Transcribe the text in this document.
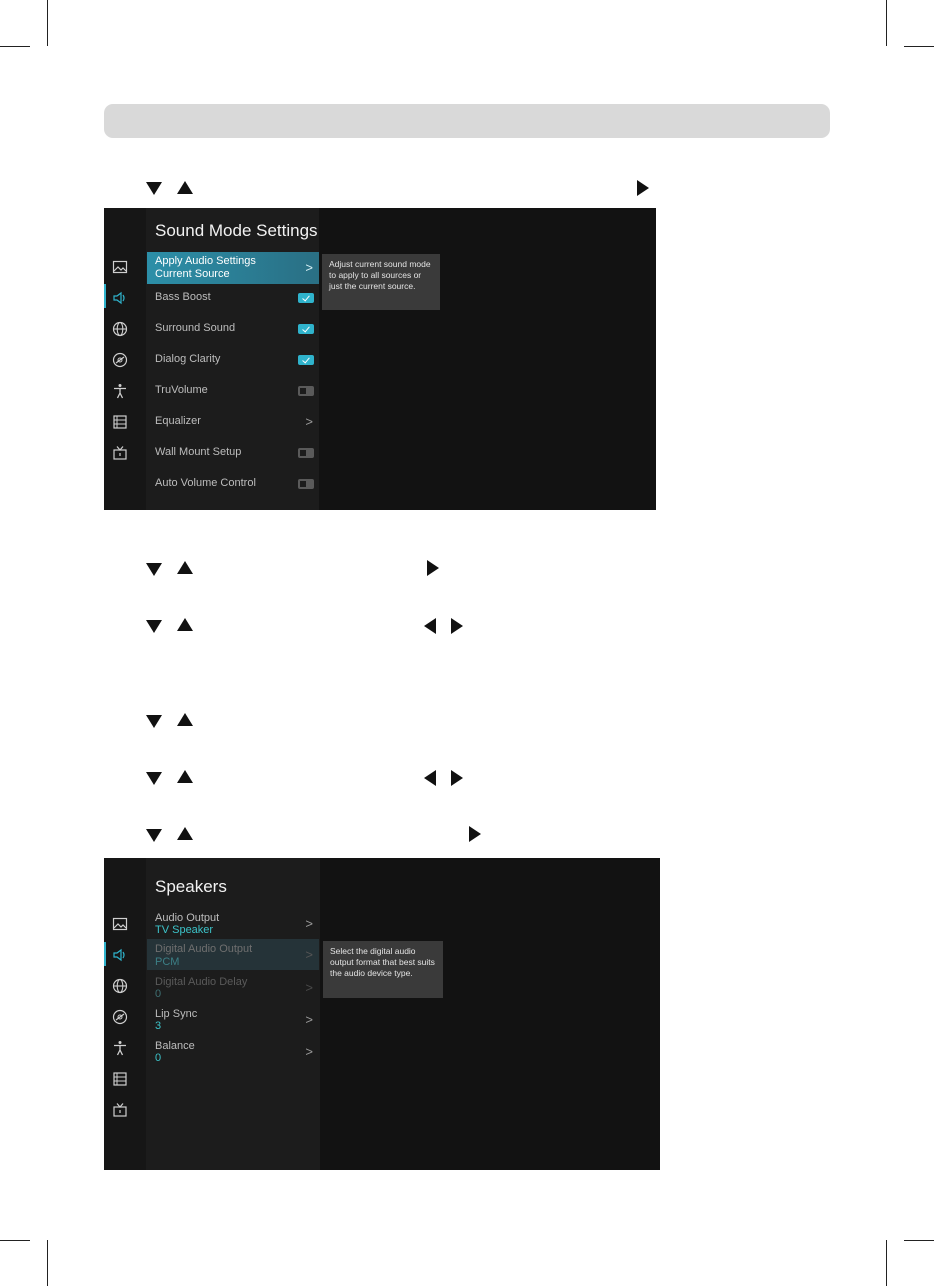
Sound Mode Settings
Apply Audio Settings
Current Source	>
Bass Boost
Surround Sound
Dialog Clarity
TruVolume
Equalizer	>
Wall Mount Setup
Auto Volume Control
Adjust current sound mode to apply to all sources or just the current source.
Speakers
Audio Output
TV Speaker	>
Digital Audio Output
PCM	>
Digital Audio Delay
0	>
Lip Sync
3	>
Balance
0	>
Select the digital audio output format that best suits the audio device type.
